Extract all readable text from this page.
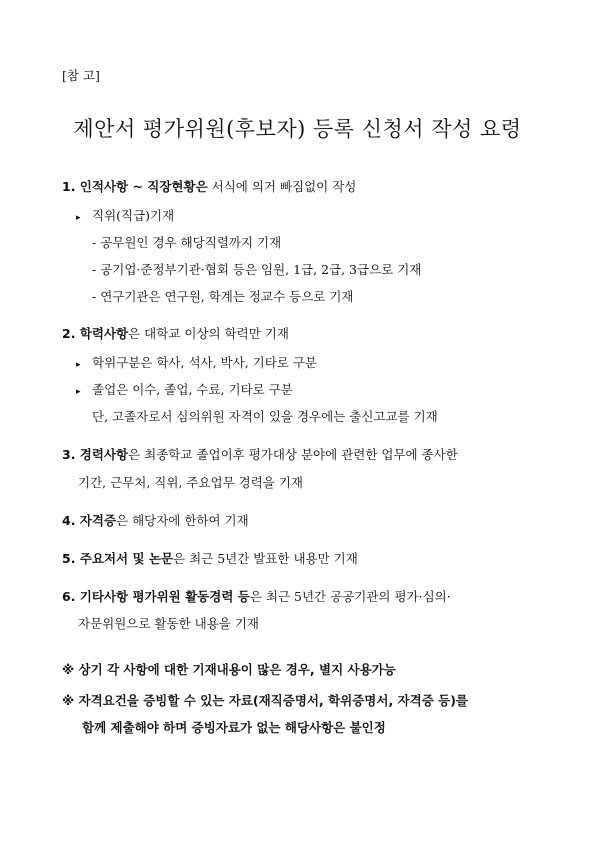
[참 고]
제안서 평가위원(후보자) 등록 신청서 작성 요령
1. 인적사항 ~ 직장현황은 서식에 의거 빠짐없이 작성
▸ 직위(직급)기재
- 공무원인 경우 해당직렬까지 기재
- 공기업·준정부기관·협회 등은 임원, 1급, 2급, 3급으로 기재
- 연구기관은 연구원, 학계는 정교수 등으로 기재
2. 학력사항은 대학교 이상의 학력만 기재
▸ 학위구분은 학사, 석사, 박사, 기타로 구분
▸ 졸업은 이수, 졸업, 수료, 기타로 구분
단, 고졸자로서 심의위원 자격이 있을 경우에는 출신고교를 기재
3. 경력사항은 최종학교 졸업이후 평가대상 분야에 관련한 업무에 종사한
기간, 근무처, 직위, 주요업무 경력을 기재
4. 자격증은 해당자에 한하여 기재
5. 주요저서 및 논문은 최근 5년간 발표한 내용만 기재
6. 기타사항 평가위원 활동경력 등은 최근 5년간 공공기관의 평가·심의·
자문위원으로 활동한 내용을 기재
※ 상기 각 사항에 대한 기재내용이 많은 경우, 별지 사용가능
※ 자격요건을 증빙할 수 있는 자료(재직증명서, 학위증명서, 자격증 등)를
함께 제출해야 하며 증빙자료가 없는 해당사항은 불인정
